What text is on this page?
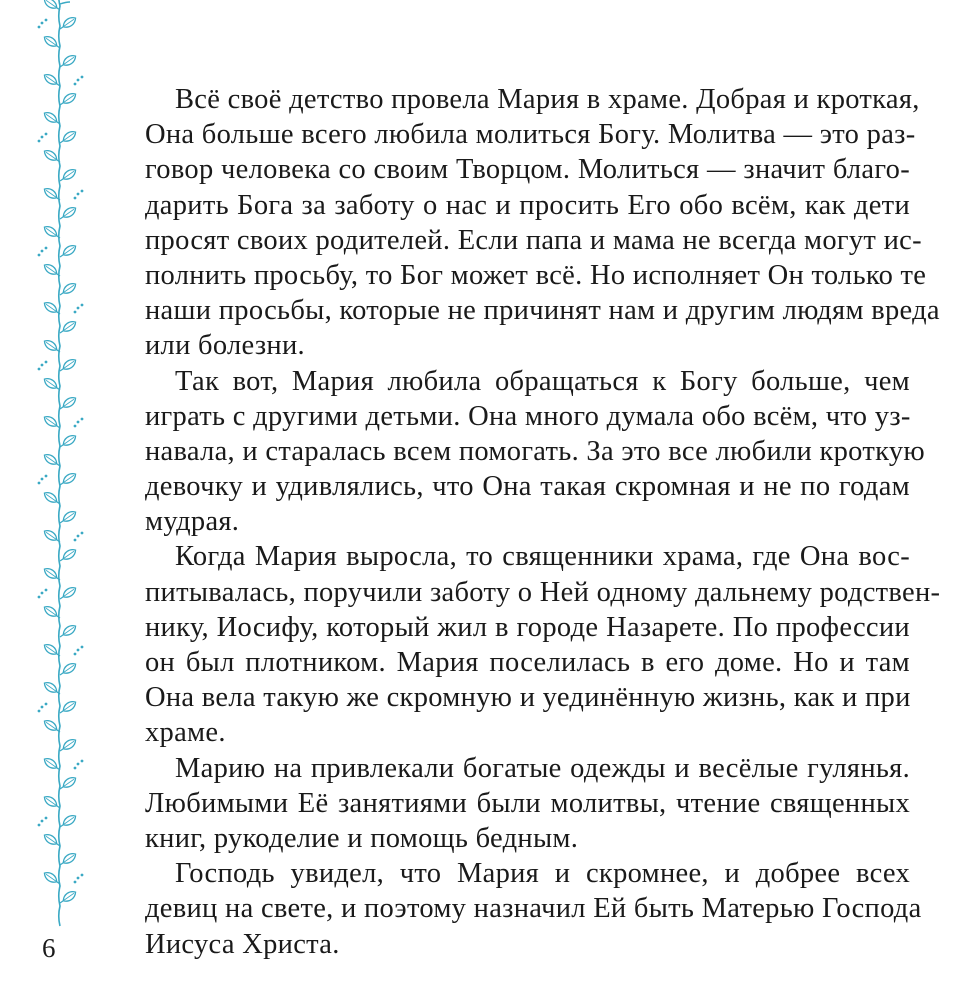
Всё своё детство провела Мария в храме. Добрая и кроткая,
Она больше всего любила молиться Богу. Молитва — это раз-
говор человека со своим Творцом. Молиться — значит благо-
дарить Бога за заботу о нас и просить Его обо всём, как дети
просят своих родителей. Если папа и мама не всегда могут ис-
полнить просьбу, то Бог может всё. Но исполняет Он только те
наши просьбы, которые не причинят нам и другим людям вреда
или болезни.
Так вот, Мария любила обращаться к Богу больше, чем
играть с другими детьми. Она много думала обо всём, что уз-
навала, и старалась всем помогать. За это все любили кроткую
девочку и удивлялись, что Она такая скромная и не по годам
мудрая.
Когда Мария выросла, то священники храма, где Она вос-
питывалась, поручили заботу о Ней одному дальнему родствен-
нику, Иосифу, который жил в городе Назарете. По профессии
он был плотником. Мария поселилась в его доме. Но и там
Она вела такую же скромную и уединённую жизнь, как и при
храме.
Марию на привлекали богатые одежды и весёлые гулянья.
Любимыми Её занятиями были молитвы, чтение священных
книг, рукоделие и помощь бедным.
Господь увидел, что Мария и скромнее, и добрее всех
девиц на свете, и поэтому назначил Ей быть Матерью Господа
Иисуса Христа.
6
